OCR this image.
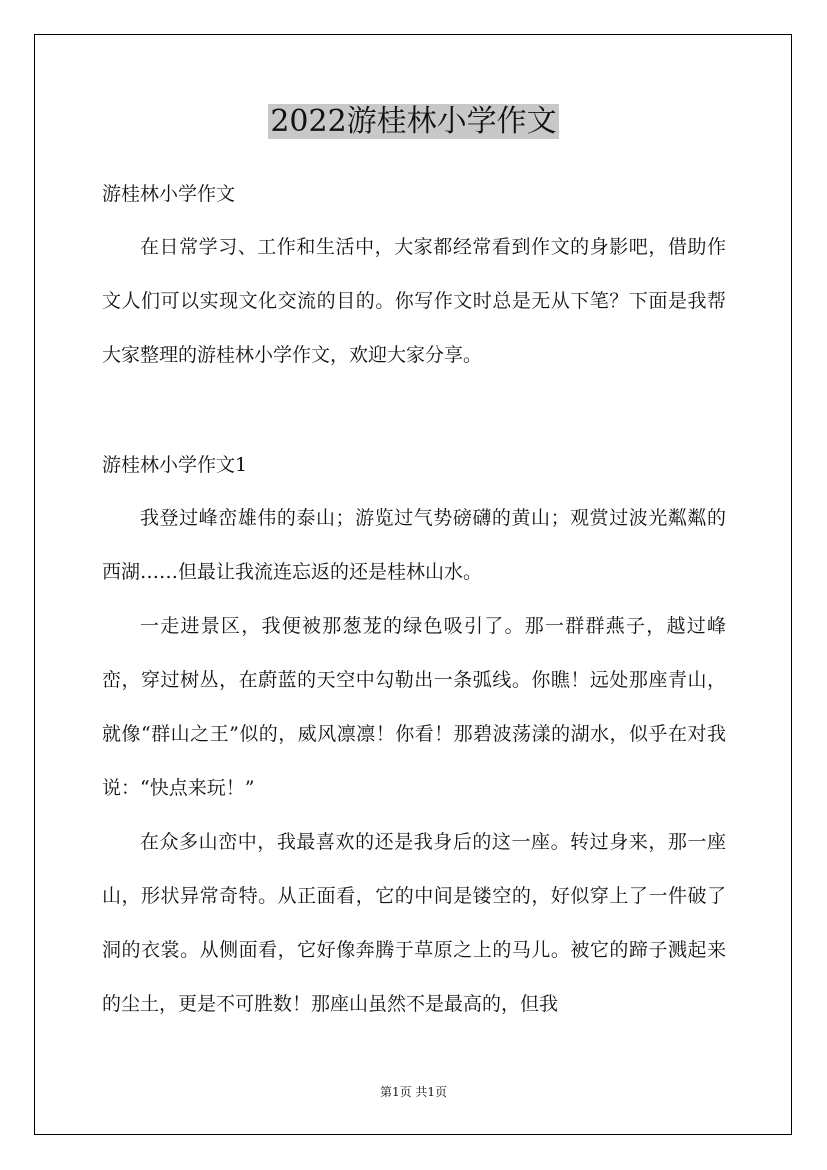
2022游桂林小学作文
游桂林小学作文

在日常学习、工作和生活中，大家都经常看到作文的身影吧，借助作文人们可以实现文化交流的目的。你写作文时总是无从下笔？下面是我帮大家整理的游桂林小学作文，欢迎大家分享。

游桂林小学作文1

我登过峰峦雄伟的泰山；游览过气势磅礴的黄山；观赏过波光粼粼的西湖……但最让我流连忘返的还是桂林山水。

一走进景区，我便被那葱茏的绿色吸引了。那一群群燕子，越过峰峦，穿过树丛，在蔚蓝的天空中勾勒出一条弧线。你瞧！远处那座青山，就像“群山之王”似的，威风凛凛！你看！那碧波荡漾的湖水，似乎在对我说：“快点来玩！”

在众多山峦中，我最喜欢的还是我身后的这一座。转过身来，那一座山，形状异常奇特。从正面看，它的中间是镂空的，好似穿上了一件破了洞的衣裳。从侧面看，它好像奔腾于草原之上的马儿。被它的蹄子溅起来的尘土，更是不可胜数！那座山虽然不是最高的，但我

第1页 共1页
